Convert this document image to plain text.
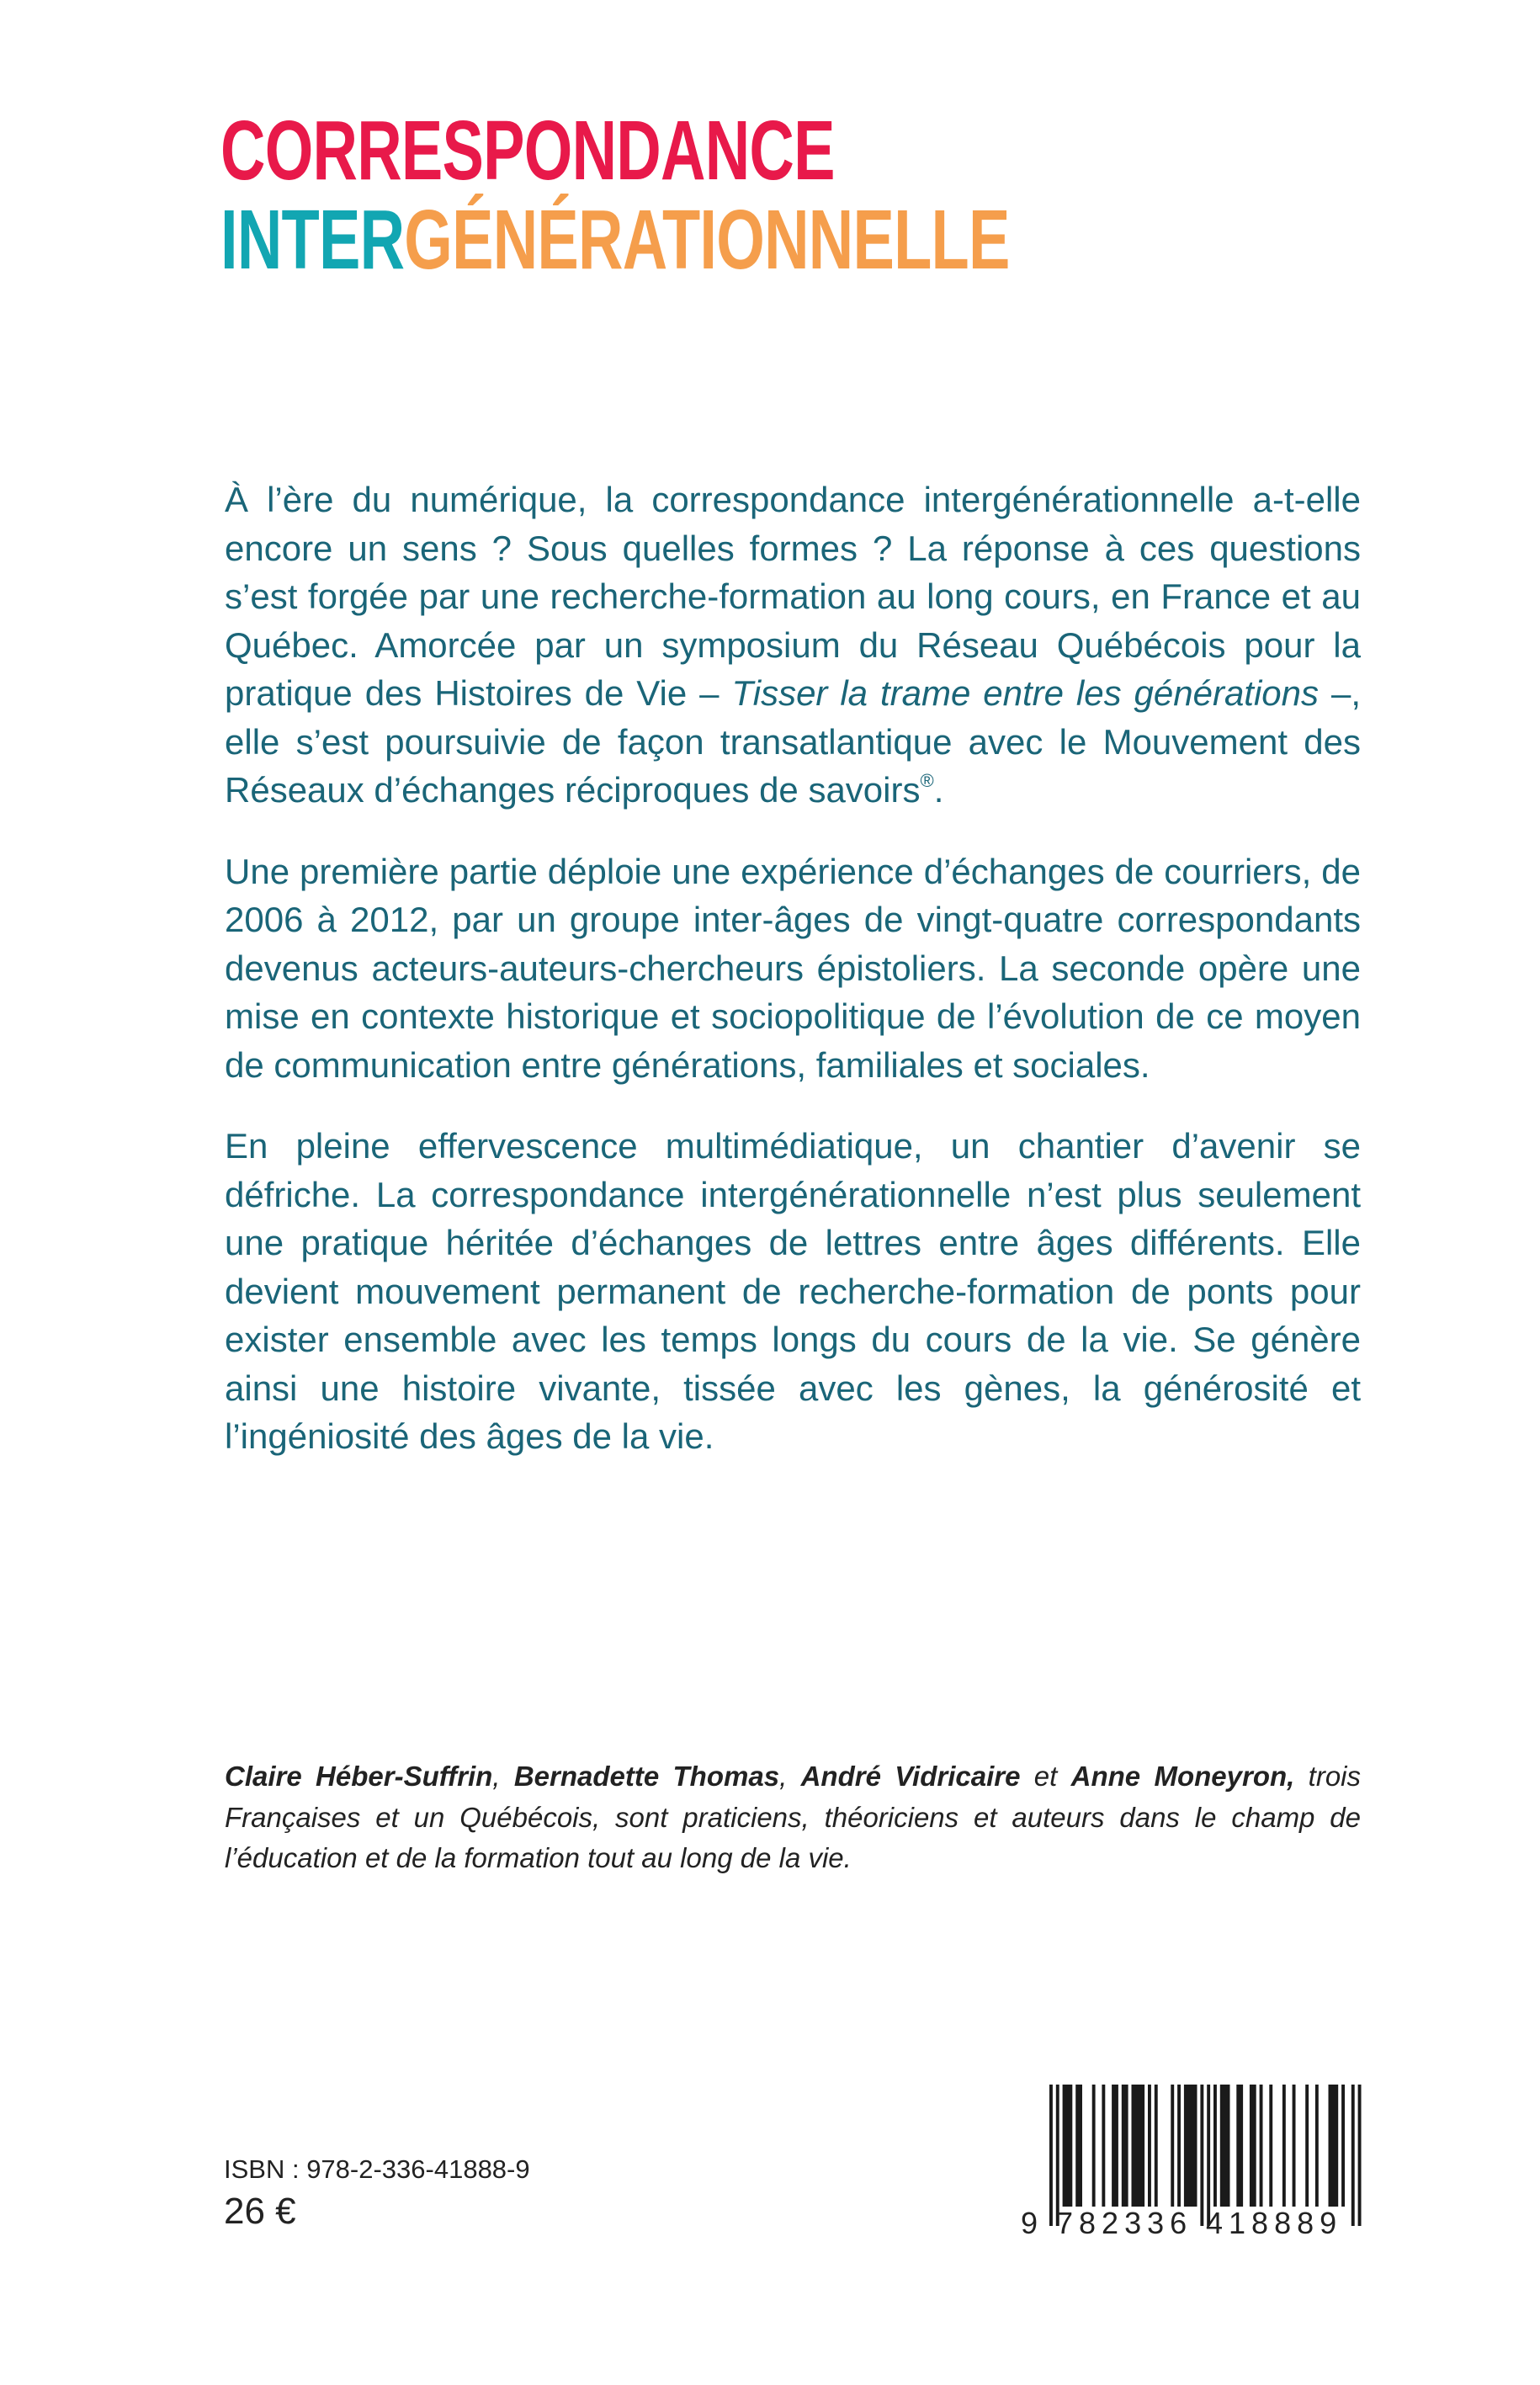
CORRESPONDANCE
INTERGÉNÉRATIONNELLE

À l’ère du numérique, la correspondance intergénérationnelle a-t-elle encore un sens ? Sous quelles formes ? La réponse à ces questions s’est forgée par une recherche-formation au long cours, en France et au Québec. Amorcée par un symposium du Réseau Québécois pour la pratique des Histoires de Vie – Tisser la trame entre les générations –, elle s’est poursuivie de façon transatlantique avec le Mouvement des Réseaux d’échanges réciproques de savoirs®.

Une première partie déploie une expérience d’échanges de courriers, de 2006 à 2012, par un groupe inter-âges de vingt-quatre correspondants devenus acteurs-auteurs-chercheurs épistoliers. La seconde opère une mise en contexte historique et sociopolitique de l’évolution de ce moyen de communication entre générations, familiales et sociales.

En pleine effervescence multimédiatique, un chantier d’avenir se défriche. La correspondance intergénérationnelle n’est plus seulement une pratique héritée d’échanges de lettres entre âges différents. Elle devient mouvement permanent de recherche-formation de ponts pour exister ensemble avec les temps longs du cours de la vie. Se génère ainsi une histoire vivante, tissée avec les gènes, la générosité et l’ingéniosité des âges de la vie.

Claire Héber-Suffrin, Bernadette Thomas, André Vidricaire et Anne Moneyron, trois Françaises et un Québécois, sont praticiens, théoriciens et auteurs dans le champ de l’éducation et de la formation tout au long de la vie.
ISBN : 978-2-336-41888-9
26 €	9 782336 418889
